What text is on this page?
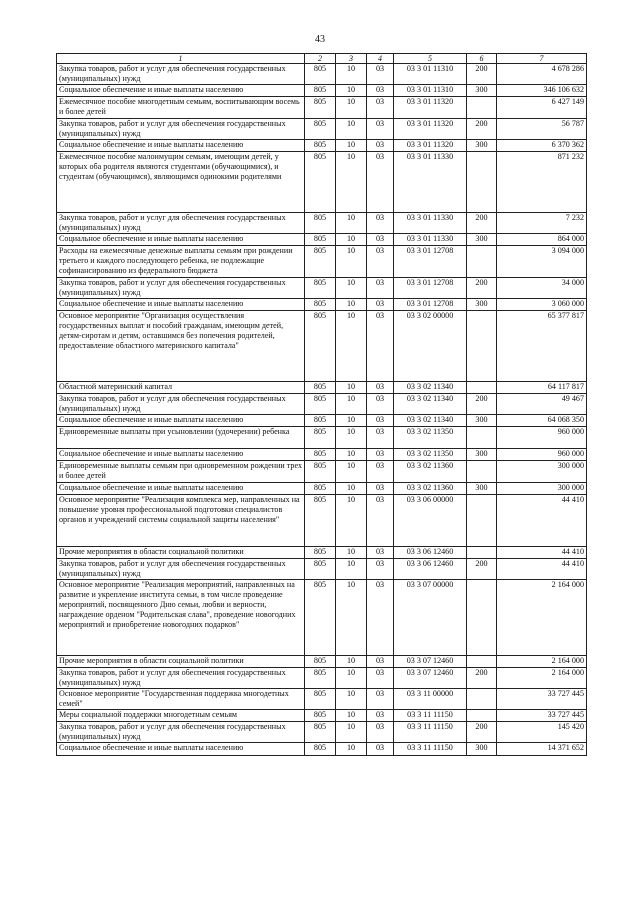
43
1	2	3	4	5	6	7
Закупка товаров, работ и услуг для обеспечения государственных (муниципальных) нужд	805	10	03	03 3 01 11310	200	4 678 286
Социальное обеспечение и иные выплаты населению	805	10	03	03 3 01 11310	300	346 106 632
Ежемесячное пособие многодетным семьям, воспитывающим восемь и более детей	805	10	03	03 3 01 11320		6 427 149
Закупка товаров, работ и услуг для обеспечения государственных (муниципальных) нужд	805	10	03	03 3 01 11320	200	56 787
Социальное обеспечение и иные выплаты населению	805	10	03	03 3 01 11320	300	6 370 362
Ежемесячное пособие малоимущим семьям, имеющим детей, у которых оба родителя являются студентами (обучающимися), и студентам (обучающимся), являющимся одинокими родителями	805	10	03	03 3 01 11330		871 232
Закупка товаров, работ и услуг для обеспечения государственных (муниципальных) нужд	805	10	03	03 3 01 11330	200	7 232
Социальное обеспечение и иные выплаты населению	805	10	03	03 3 01 11330	300	864 000
Расходы на ежемесячные денежные выплаты семьям при рождении третьего и каждого последующего ребенка, не подлежащие софинансированию из федерального бюджета	805	10	03	03 3 01 12708		3 094 000
Закупка товаров, работ и услуг для обеспечения государственных (муниципальных) нужд	805	10	03	03 3 01 12708	200	34 000
Социальное обеспечение и иные выплаты населению	805	10	03	03 3 01 12708	300	3 060 000
Основное мероприятие "Организация осуществления государственных выплат и пособий гражданам, имеющим детей, детям-сиротам и детям, оставшимся без попечения родителей, предоставление областного материнского капитала"	805	10	03	03 3 02 00000		65 377 817
Областной материнский капитал	805	10	03	03 3 02 11340		64 117 817
Закупка товаров, работ и услуг для обеспечения государственных (муниципальных) нужд	805	10	03	03 3 02 11340	200	49 467
Социальное обеспечение и иные выплаты населению	805	10	03	03 3 02 11340	300	64 068 350
Единовременные выплаты при усыновлении (удочерении) ребенка	805	10	03	03 3 02 11350		960 000
Социальное обеспечение и иные выплаты населению	805	10	03	03 3 02 11350	300	960 000
Единовременные выплаты семьям при одновременном рождении трех и более детей	805	10	03	03 3 02 11360		300 000
Социальное обеспечение и иные выплаты населению	805	10	03	03 3 02 11360	300	300 000
Основное мероприятие "Реализация комплекса мер, направленных на повышение уровня профессиональной подготовки специалистов органов и учреждений системы социальной защиты населения"	805	10	03	03 3 06 00000		44 410
Прочие мероприятия в области социальной политики	805	10	03	03 3 06 12460		44 410
Закупка товаров, работ и услуг для обеспечения государственных (муниципальных) нужд	805	10	03	03 3 06 12460	200	44 410
Основное мероприятие "Реализация мероприятий, направленных на развитие и укрепление института семьи, в том числе проведение мероприятий, посвященного Дню семьи, любви и верности, награждение орденом "Родительская слава", проведение новогодних мероприятий и приобретение новогодних подарков"	805	10	03	03 3 07 00000		2 164 000
Прочие мероприятия в области социальной политики	805	10	03	03 3 07 12460		2 164 000
Закупка товаров, работ и услуг для обеспечения государственных (муниципальных) нужд	805	10	03	03 3 07 12460	200	2 164 000
Основное мероприятие "Государственная поддержка многодетных семей"	805	10	03	03 3 11 00000		33 727 445
Меры социальной поддержки многодетным семьям	805	10	03	03 3 11 11150		33 727 445
Закупка товаров, работ и услуг для обеспечения государственных (муниципальных) нужд	805	10	03	03 3 11 11150	200	145 420
Социальное обеспечение и иные выплаты населению	805	10	03	03 3 11 11150	300	14 371 652
